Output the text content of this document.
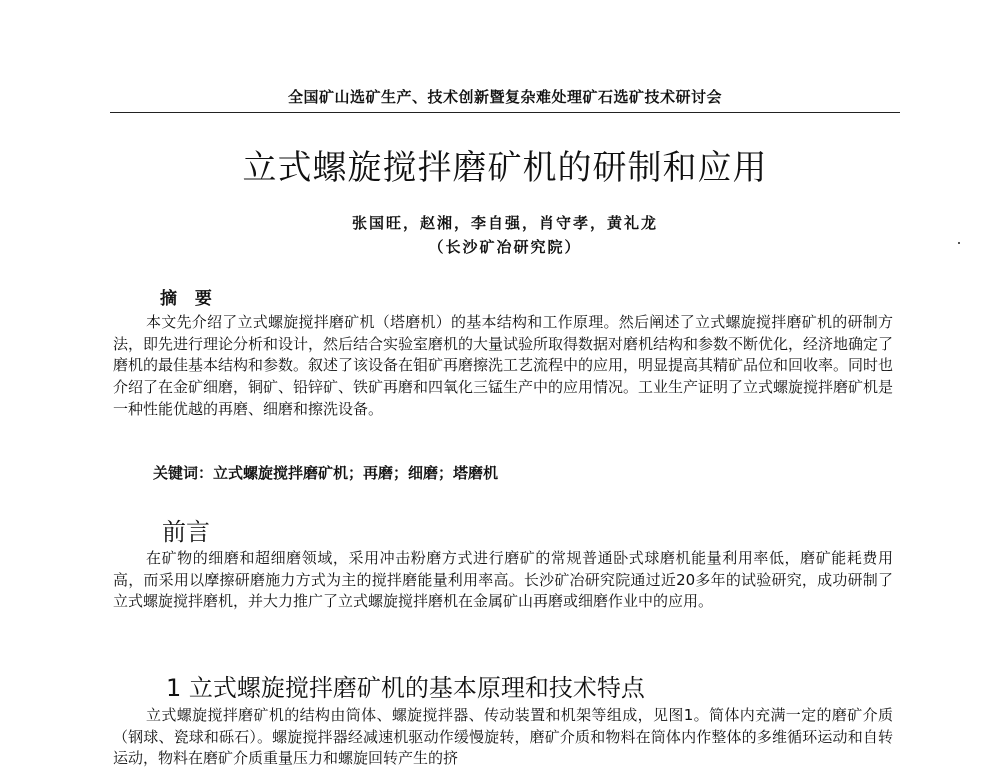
全国矿山选矿生产、技术创新暨复杂难处理矿石选矿技术研讨会
立式螺旋搅拌磨矿机的研制和应用
张国旺，赵湘，李自强，肖守孝，黄礼龙
（长沙矿冶研究院）
摘 要
本文先介绍了立式螺旋搅拌磨矿机（塔磨机）的基本结构和工作原理。然后阐述了立式螺旋搅拌磨矿机的研制方法，即先进行理论分析和设计，然后结合实验室磨机的大量试验所取得数据对磨机结构和参数不断优化，经济地确定了磨机的最佳基本结构和参数。叙述了该设备在钼矿再磨擦洗工艺流程中的应用，明显提高其精矿品位和回收率。同时也介绍了在金矿细磨，铜矿、铅锌矿、铁矿再磨和四氧化三锰生产中的应用情况。工业生产证明了立式螺旋搅拌磨矿机是一种性能优越的再磨、细磨和擦洗设备。
关键词：立式螺旋搅拌磨矿机；再磨；细磨；塔磨机
前言
在矿物的细磨和超细磨领域，采用冲击粉磨方式进行磨矿的常规普通卧式球磨机能量利用率低，磨矿能耗费用高，而采用以摩擦研磨施力方式为主的搅拌磨能量利用率高。长沙矿冶研究院通过近20多年的试验研究，成功研制了立式螺旋搅拌磨机，并大力推广了立式螺旋搅拌磨机在金属矿山再磨或细磨作业中的应用。
1 立式螺旋搅拌磨矿机的基本原理和技术特点
立式螺旋搅拌磨矿机的结构由筒体、螺旋搅拌器、传动装置和机架等组成，见图1。简体内充满一定的磨矿介质（钢球、瓷球和砾石）。螺旋搅拌器经减速机驱动作缓慢旋转，磨矿介质和物料在筒体内作整体的多维循环运动和自转运动，物料在磨矿介质重量压力和螺旋回转产生的挤
